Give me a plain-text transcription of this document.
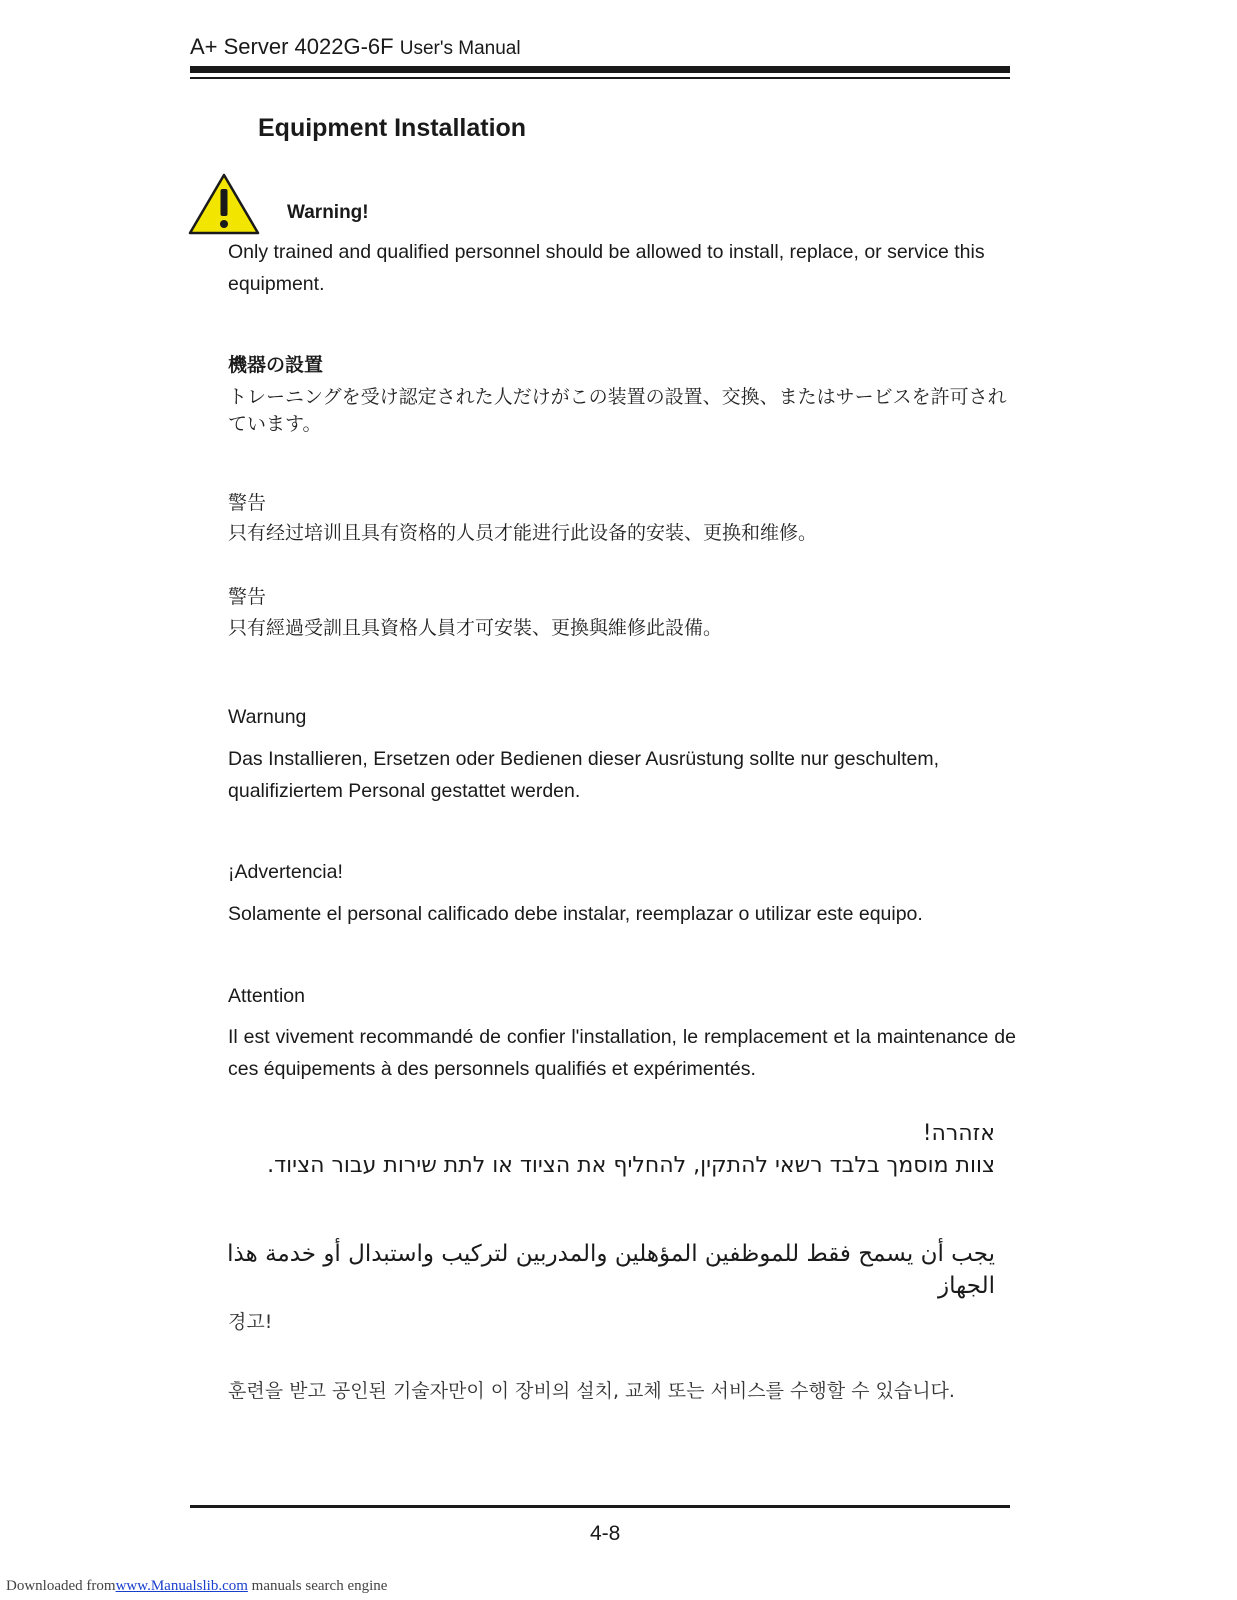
A+ Server 4022G-6F User's Manual
Equipment Installation
Warning!
Only trained and qualified personnel should be allowed to install, replace, or service this equipment.
機器の設置
トレーニングを受け認定された人だけがこの装置の設置、交換、またはサービスを許可されています。
警告
只有经过培训且具有资格的人员才能进行此设备的安装、更换和维修。
警告
只有經過受訓且具資格人員才可安裝、更換與維修此設備。
Warnung
Das Installieren, Ersetzen oder Bedienen dieser Ausrüstung sollte nur geschultem, qualifiziertem Personal gestattet werden.
¡Advertencia!
Solamente el personal calificado debe instalar, reemplazar o utilizar este equipo.
Attention
Il est vivement recommandé de confier l'installation, le remplacement et la maintenance de ces équipements à des personnels qualifiés et expérimentés.
אזהרה!
צוות מוסמך בלבד רשאי להתקין, להחליף את הציוד או לתת שירות עבור הציוד.
يجب أن يسمح فقط للموظفين المؤهلين والمدربين لتركيب واستبدال أو خدمة هذا الجهاز
경고!
훈련을 받고 공인된 기술자만이 이 장비의 설치, 교체 또는 서비스를 수행할 수 있습니다.
4-8
Downloaded fromwww.Manualslib.com manuals search engine
